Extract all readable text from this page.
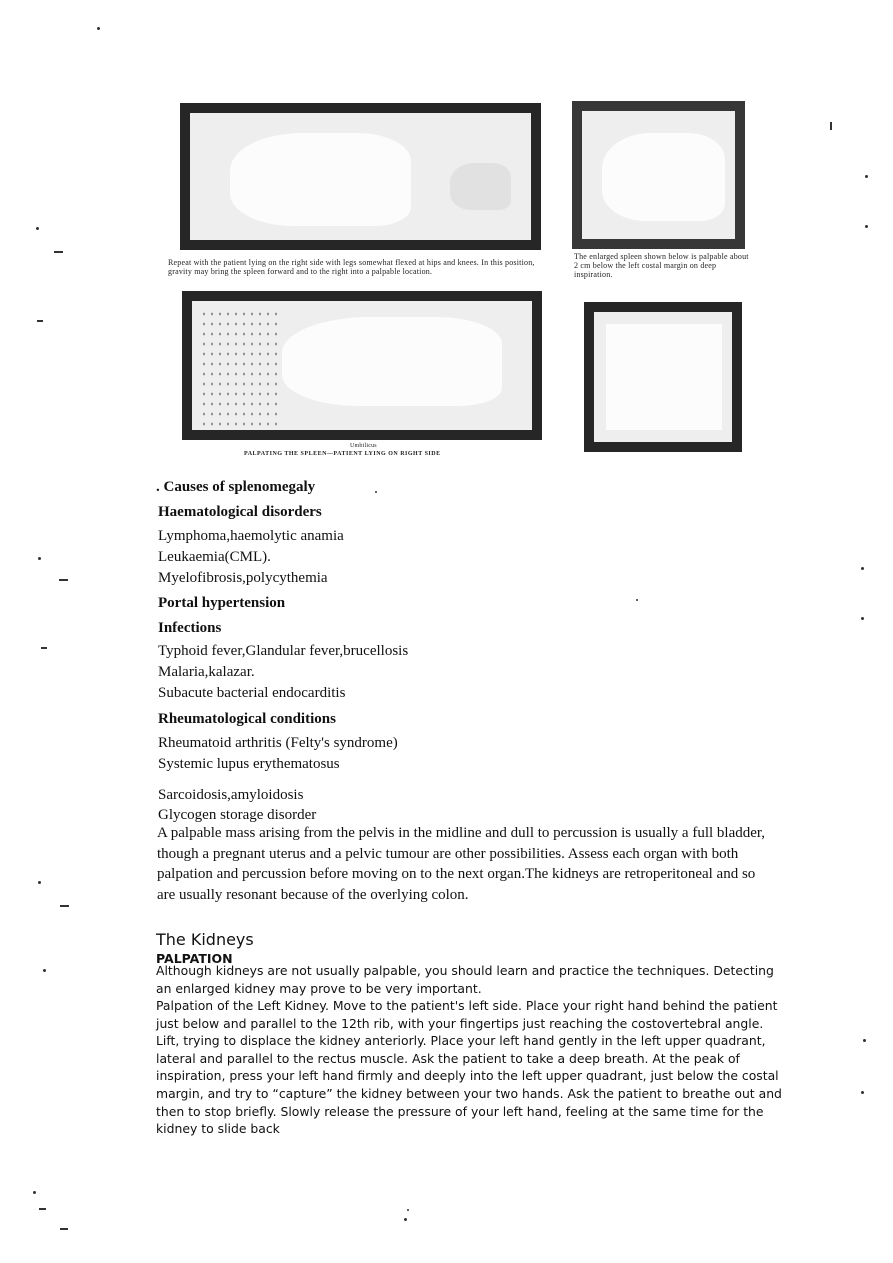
Repeat with the patient lying on the right side with legs somewhat flexed at hips and knees. In this position, gravity may bring the spleen forward and to the right into a palpable location.
The enlarged spleen shown below is palpable about 2 cm below the left costal margin on deep inspiration.
Umbilicus
PALPATING THE SPLEEN—PATIENT LYING ON RIGHT SIDE
. Causes of splenomegaly
Haematological disorders
Lymphoma,haemolytic anamia
Leukaemia(CML).
Myelofibrosis,polycythemia
Portal hypertension
Infections
Typhoid fever,Glandular fever,brucellosis
Malaria,kalazar.
Subacute bacterial endocarditis
Rheumatological conditions
Rheumatoid arthritis (Felty's syndrome)
Systemic lupus erythematosus
Sarcoidosis,amyloidosis
Glycogen storage disorder
A palpable mass arising from the pelvis in the midline and dull to percussion is usually a full bladder, though a pregnant uterus and a pelvic tumour are other possibilities. Assess each organ with both palpation and percussion before moving on to the next organ.The kidneys are retroperitoneal and so are usually resonant because of the overlying colon.
The Kidneys
PALPATION
Although kidneys are not usually palpable, you should learn and practice the techniques. Detecting an enlarged kidney may prove to be very important.
Palpation of the Left Kidney. Move to the patient's left side. Place your right hand behind the patient just below and parallel to the 12th rib, with your fingertips just reaching the costovertebral angle. Lift, trying to displace the kidney anteriorly. Place your left hand gently in the left upper quadrant, lateral and parallel to the rectus muscle. Ask the patient to take a deep breath. At the peak of inspiration, press your left hand firmly and deeply into the left upper quadrant, just below the costal margin, and try to “capture” the kidney between your two hands. Ask the patient to breathe out and then to stop briefly. Slowly release the pressure of your left hand, feeling at the same time for the kidney to slide back
